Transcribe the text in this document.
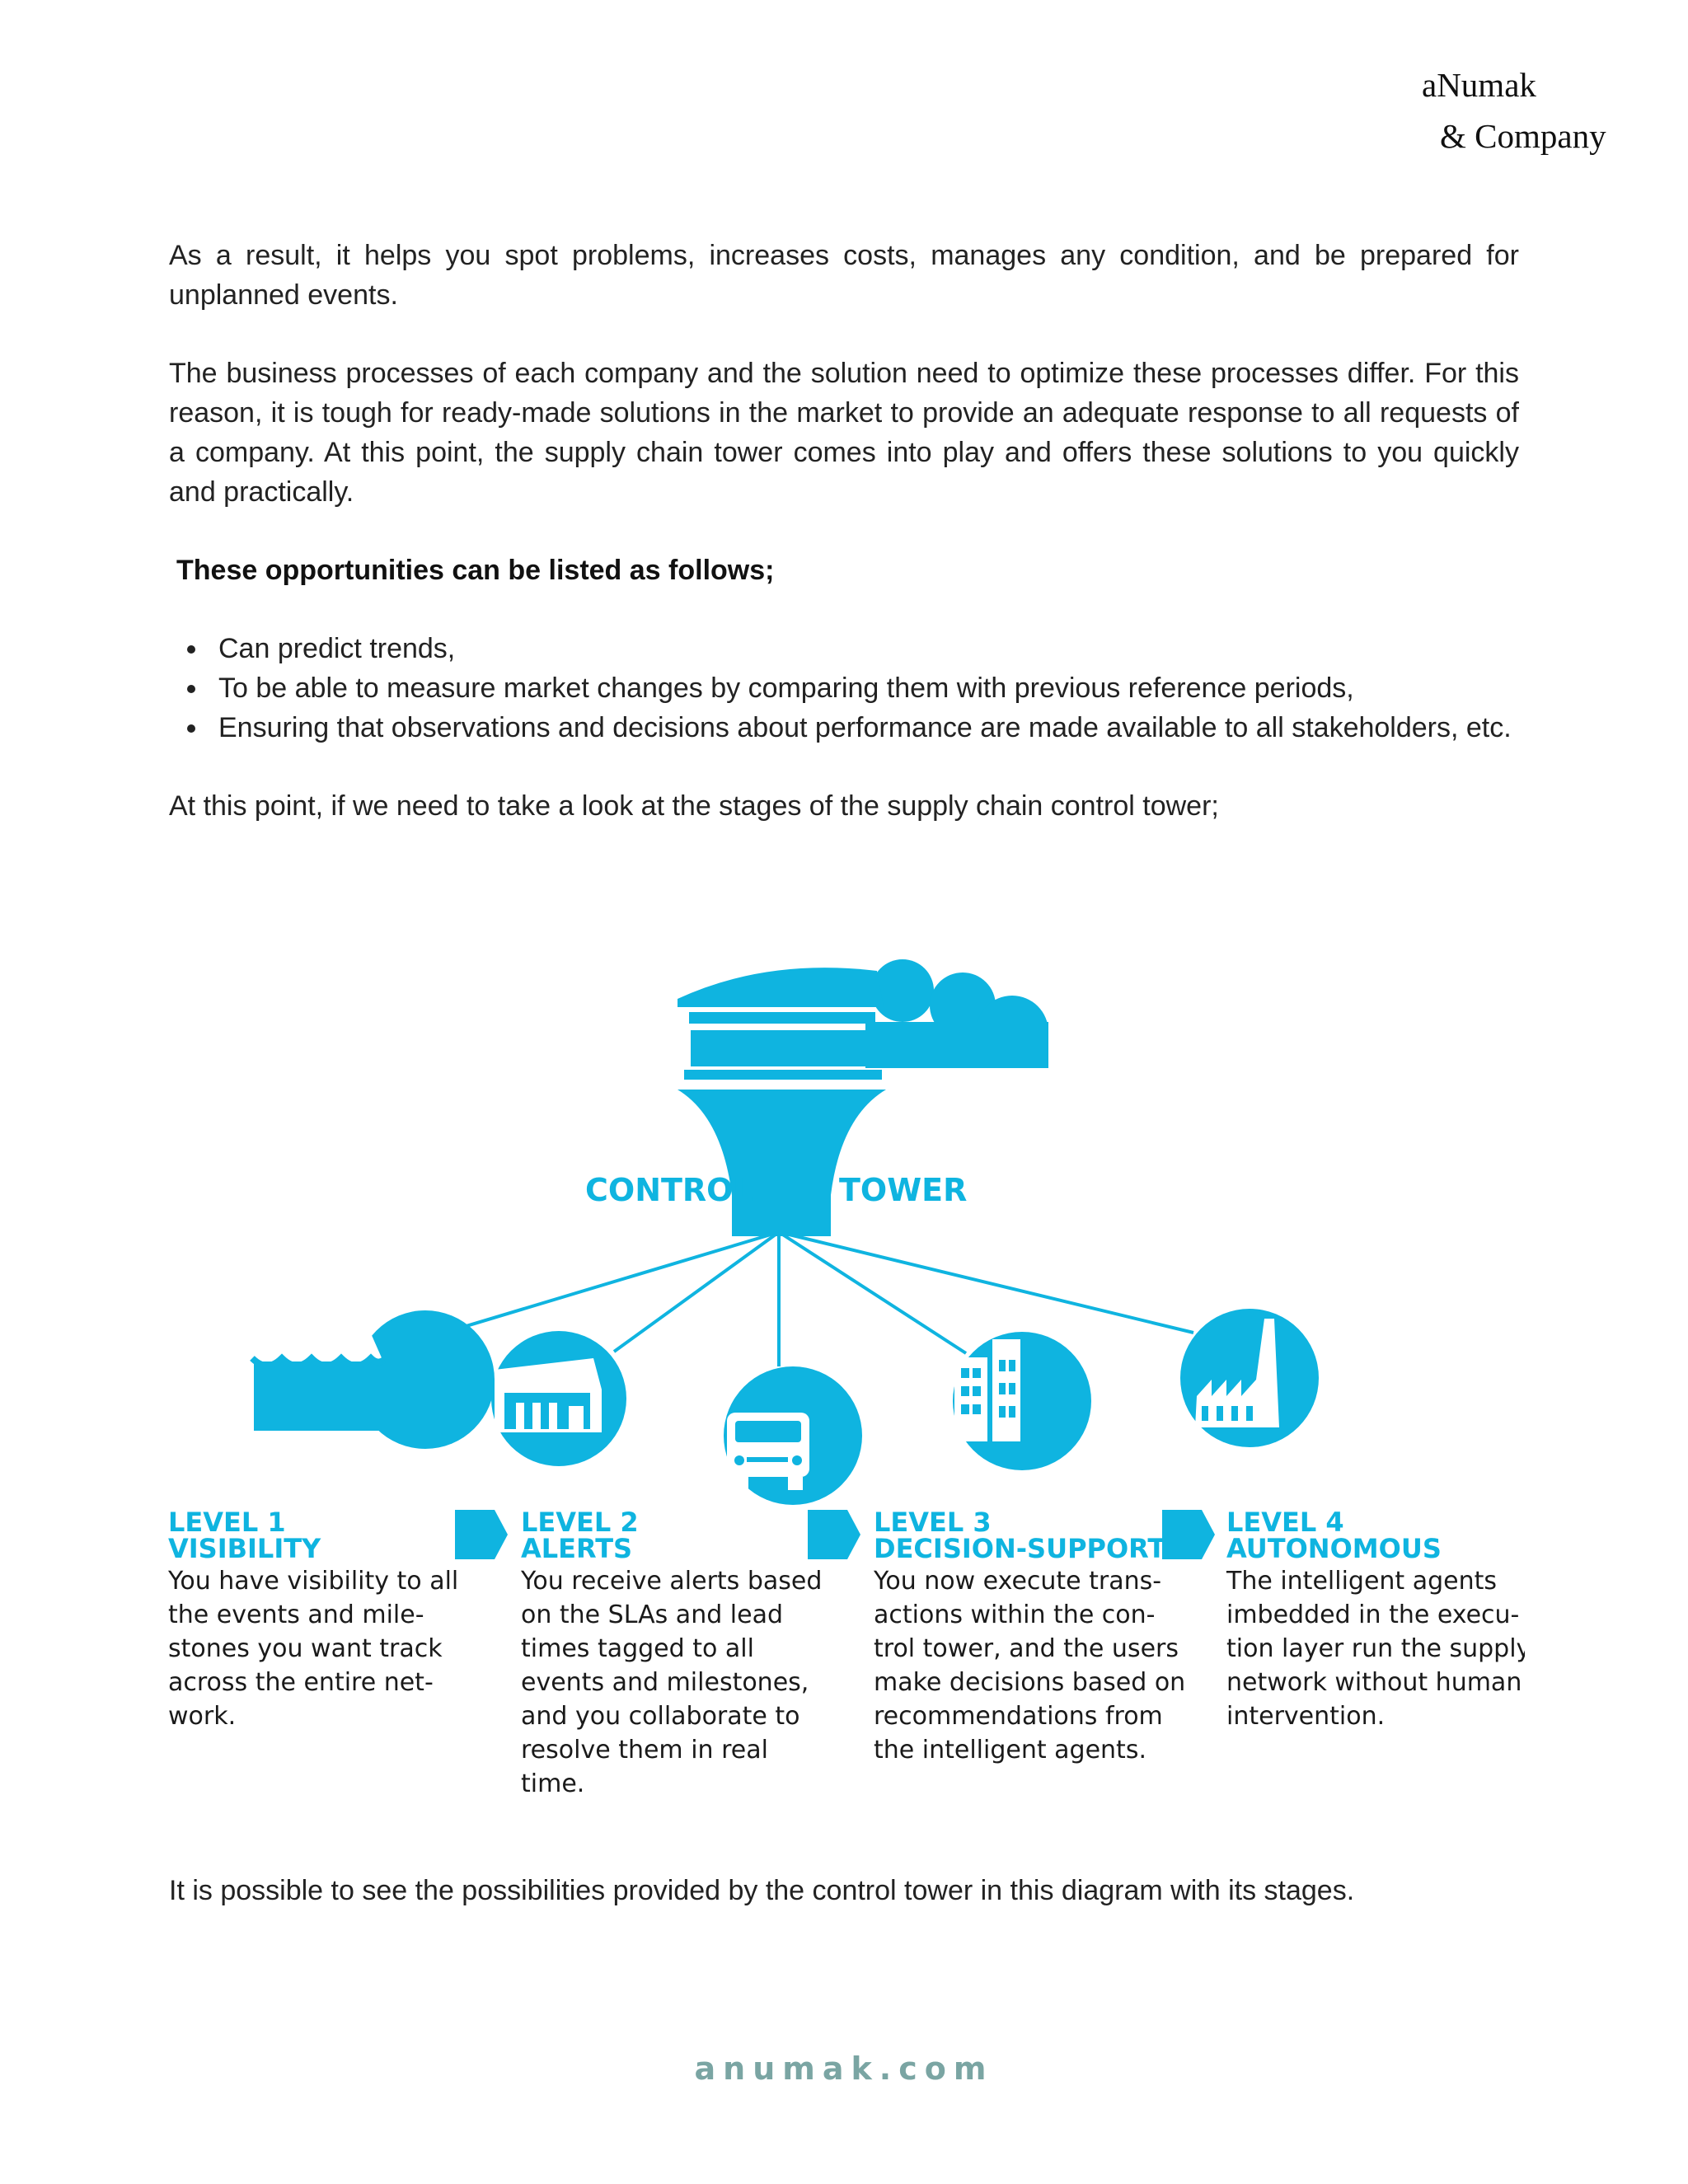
aNumak
& Company

As a result, it helps you spot problems, increases costs, manages any condition, and be prepared for unplanned events.

The business processes of each company and the solution need to optimize these processes differ. For this reason, it is tough for ready-made solutions in the market to provide an adequate response to all requests of a company. At this point, the supply chain tower comes into play and offers these solutions to you quickly and practically.

These opportunities can be listed as follows;

Can predict trends,
To be able to measure market changes by comparing them with previous reference periods,
Ensuring that observations and decisions about performance are made available to all stakeholders, etc.

At this point, if we need to take a look at the stages of the supply chain control tower;

CONTROL	TOWER
LEVEL 1
VISIBILITY
You have visibility to all
the events and mile-
stones you want track
across the entire net-
work.
LEVEL 2
ALERTS
You receive alerts based
on the SLAs and lead
times tagged to all
events and milestones,
and you collaborate to
resolve them in real
time.
LEVEL 3
DECISION-SUPPORT
You now execute trans-
actions within the con-
trol tower, and the users
make decisions based on
recommendations from
the intelligent agents.
LEVEL 4
AUTONOMOUS
The intelligent agents
imbedded in the execu-
tion layer run the supply
network without human
intervention.
It is possible to see the possibilities provided by the control tower in this diagram with its stages.
anumak.com
